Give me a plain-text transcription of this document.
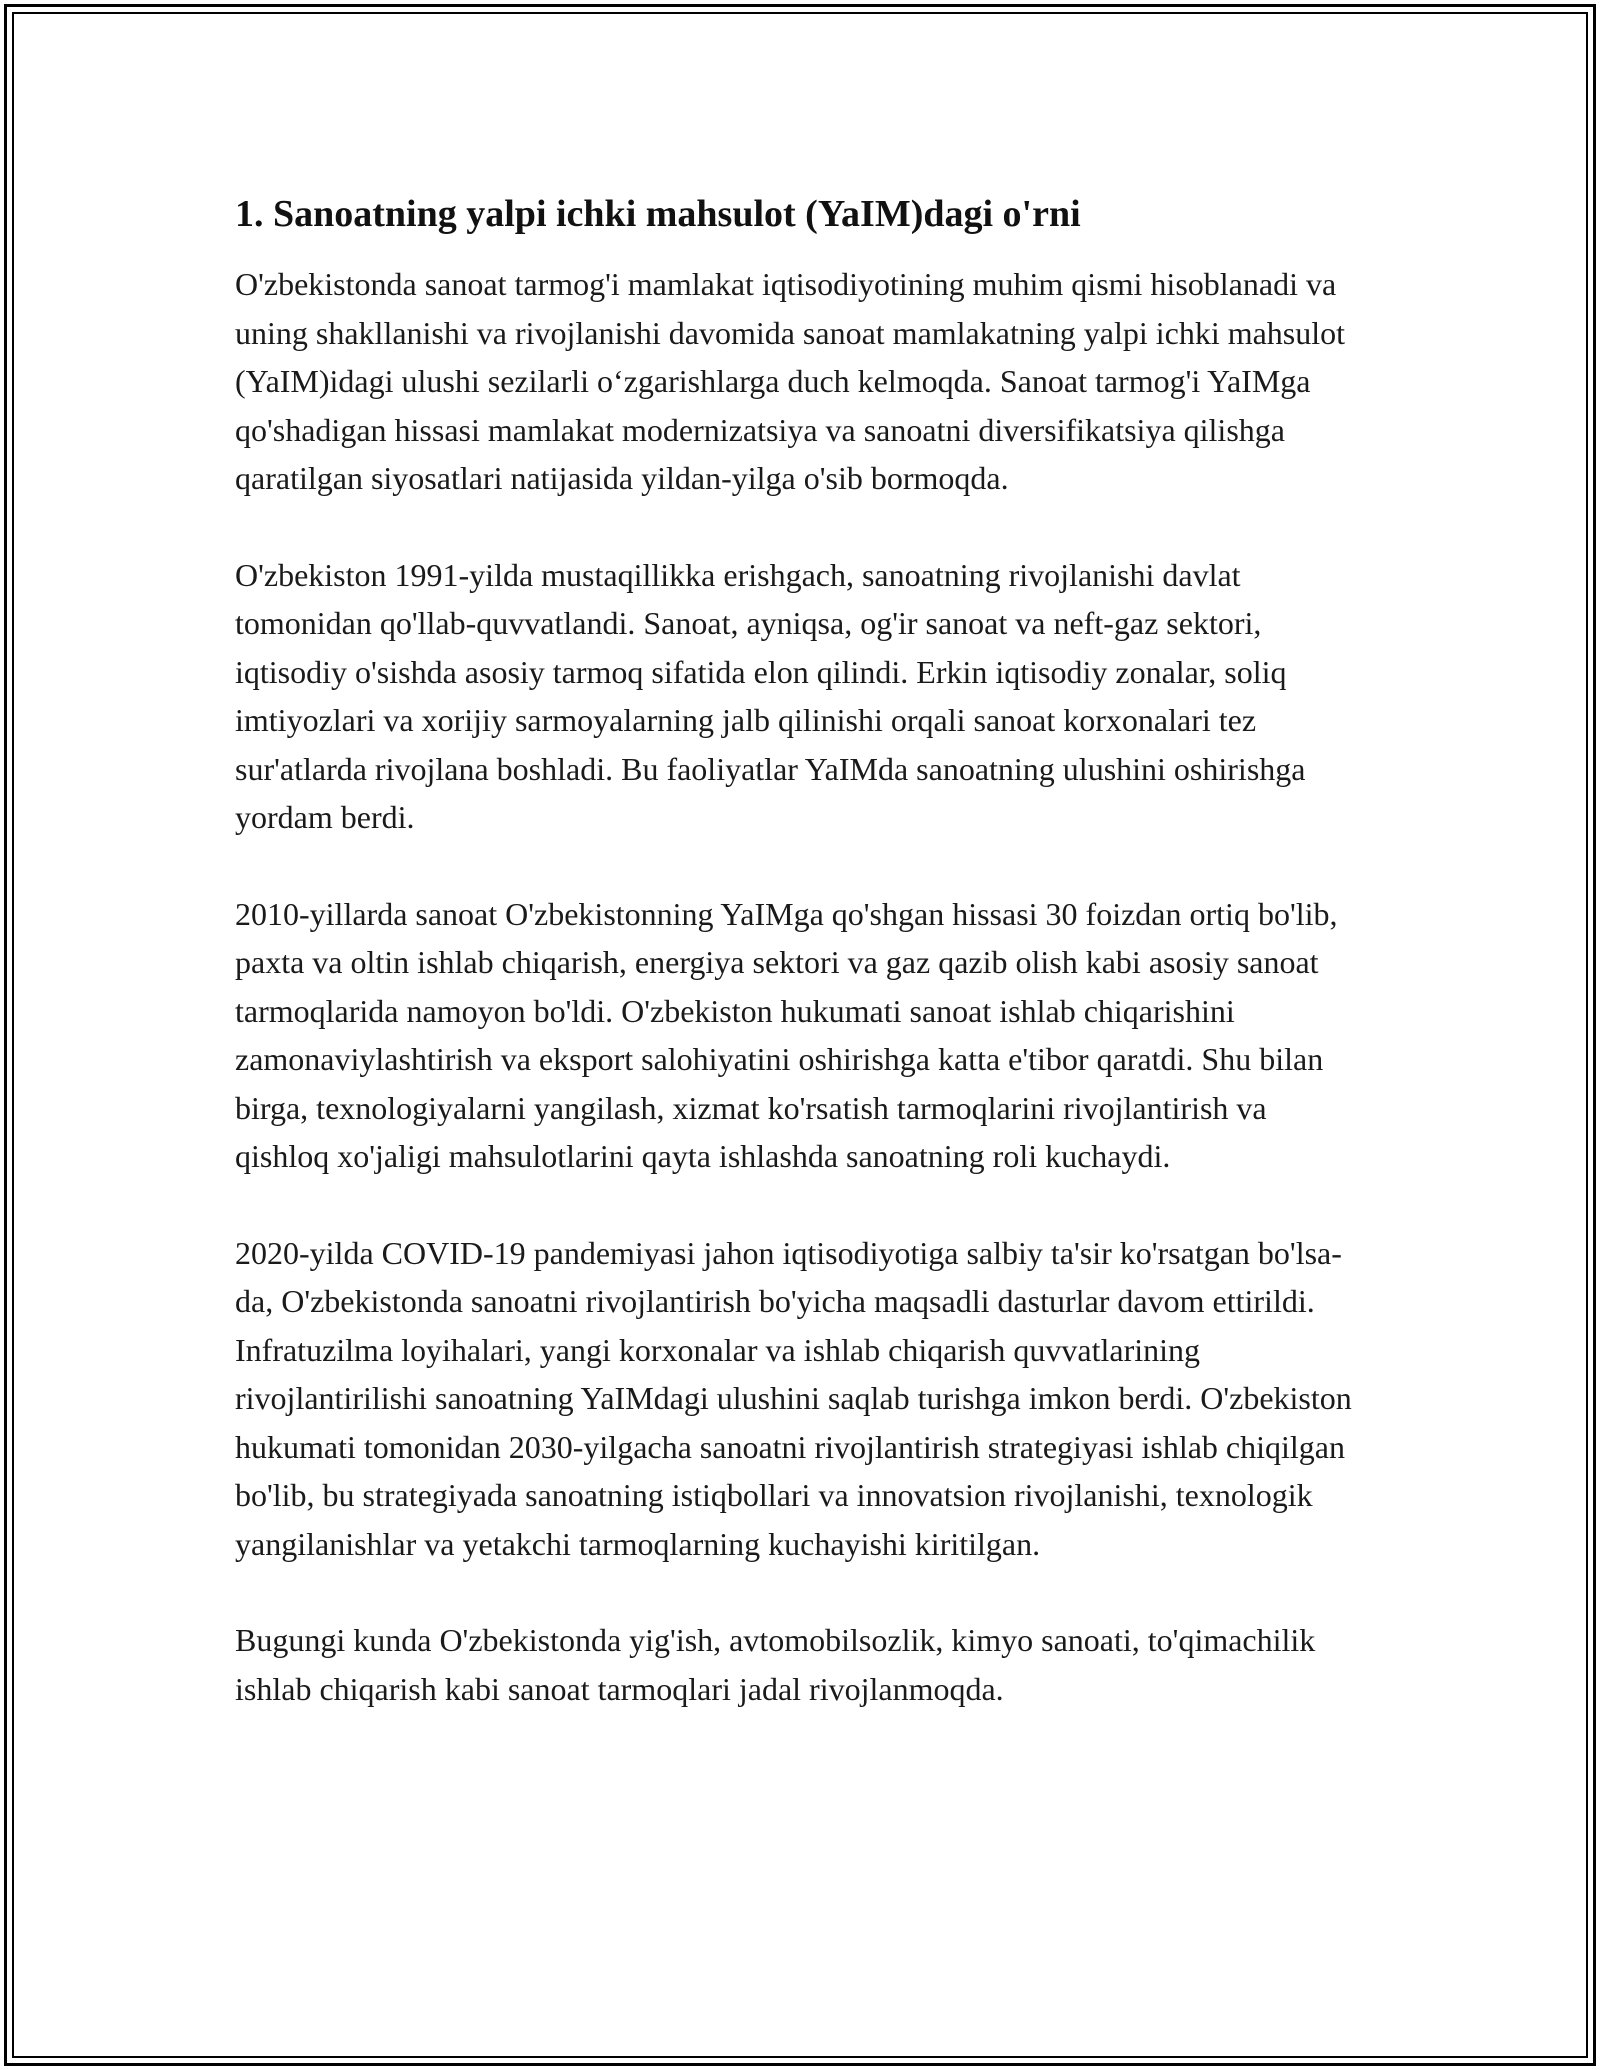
1. Sanoatning yalpi ichki mahsulot (YaIM)dagi o'rni

O'zbekistonda sanoat tarmog'i mamlakat iqtisodiyotining muhim qismi hisoblanadi va uning shakllanishi va rivojlanishi davomida sanoat mamlakatning yalpi ichki mahsulot (YaIM)idagi ulushi sezilarli o‘zgarishlarga duch kelmoqda. Sanoat tarmog'i YaIMga qo'shadigan hissasi mamlakat modernizatsiya va sanoatni diversifikatsiya qilishga qaratilgan siyosatlari natijasida yildan-yilga o'sib bormoqda.

O'zbekiston 1991-yilda mustaqillikka erishgach, sanoatning rivojlanishi davlat tomonidan qo'llab-quvvatlandi. Sanoat, ayniqsa, og'ir sanoat va neft-gaz sektori, iqtisodiy o'sishda asosiy tarmoq sifatida elon qilindi. Erkin iqtisodiy zonalar, soliq imtiyozlari va xorijiy sarmoyalarning jalb qilinishi orqali sanoat korxonalari tez sur'atlarda rivojlana boshladi. Bu faoliyatlar YaIMda sanoatning ulushini oshirishga yordam berdi.

2010-yillarda sanoat O'zbekistonning YaIMga qo'shgan hissasi 30 foizdan ortiq bo'lib, paxta va oltin ishlab chiqarish, energiya sektori va gaz qazib olish kabi asosiy sanoat tarmoqlarida namoyon bo'ldi. O'zbekiston hukumati sanoat ishlab chiqarishini zamonaviylashtirish va eksport salohiyatini oshirishga katta e'tibor qaratdi. Shu bilan birga, texnologiyalarni yangilash, xizmat ko'rsatish tarmoqlarini rivojlantirish va qishloq xo'jaligi mahsulotlarini qayta ishlashda sanoatning roli kuchaydi.

2020-yilda COVID-19 pandemiyasi jahon iqtisodiyotiga salbiy ta'sir ko'rsatgan bo'lsa-da, O'zbekistonda sanoatni rivojlantirish bo'yicha maqsadli dasturlar davom ettirildi. Infratuzilma loyihalari, yangi korxonalar va ishlab chiqarish quvvatlarining rivojlantirilishi sanoatning YaIMdagi ulushini saqlab turishga imkon berdi. O'zbekiston hukumati tomonidan 2030-yilgacha sanoatni rivojlantirish strategiyasi ishlab chiqilgan bo'lib, bu strategiyada sanoatning istiqbollari va innovatsion rivojlanishi, texnologik yangilanishlar va yetakchi tarmoqlarning kuchayishi kiritilgan.

Bugungi kunda O'zbekistonda yig'ish, avtomobilsozlik, kimyo sanoati, to'qimachilik ishlab chiqarish kabi sanoat tarmoqlari jadal rivojlanmoqda.
